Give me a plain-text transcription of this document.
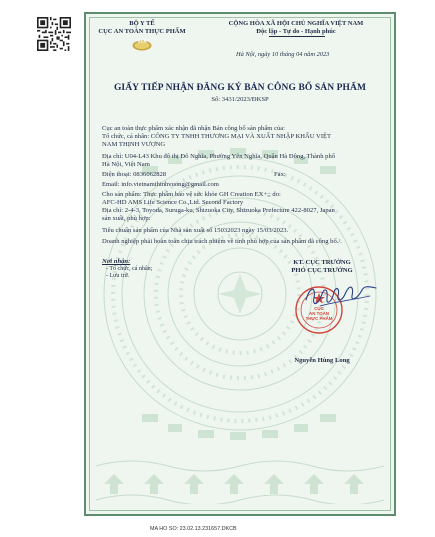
BỘ Y TẾ
CỤC AN TOÀN THỰC PHẨM
VFA
CỘNG HÒA XÃ HỘI CHỦ NGHĨA VIỆT NAM
Độc lập - Tự do - Hạnh phúc
Hà Nội, ngày 10 tháng 04 năm 2023
GIẤY TIẾP NHẬN ĐĂNG KÝ BẢN CÔNG BỐ SẢN PHẨM
Số: 3431/2023/ĐKSP
Cục an toàn thực phẩm xác nhận đã nhận Bản công bố sản phẩm của:
Tổ chức, cá nhân: CÔNG TY TNHH THƯƠNG MẠI VÀ XUẤT NHẬP KHẨU VIỆT
NAM THỊNH VƯỢNG
Địa chỉ: U04-L43 Khu đô thị Đô Nghĩa, Phường Yên Nghĩa, Quận Hà Đông, Thành phố
Hà Nội, Việt Nam
Điện thoại: 0836062828	Fax:
Email: info.vietnamthinhvuong@gmail.com
Cho sản phẩm: Thực phẩm bảo vệ sức khỏe GH Creation EX+;; do:
AFC-HD AMS Life Science Co.,Ltd. Second Factory
Địa chỉ: 2-4-3, Toyoda, Suruga-ku, Shizuoka City, Shizuoka Prefecture 422-8027, Japan
sản xuất, phù hợp:
Tiêu chuẩn sản phẩm của Nhà sản xuất số 15032023 ngày 15/03/2023.
Doanh nghiệp phải hoàn toàn chịu trách nhiệm về tính phù hợp của sản phẩm đã công bố./.
Nơi nhận:
- Tổ chức, cá nhân;
- Lưu trữ.
KT. CỤC TRƯỞNG
PHÓ CỤC TRƯỞNG
CỤC
AN TOÀN
THỰC PHẨM
Nguyễn Hùng Long
MA HO SO: 23.02.13.231657.DKCB
